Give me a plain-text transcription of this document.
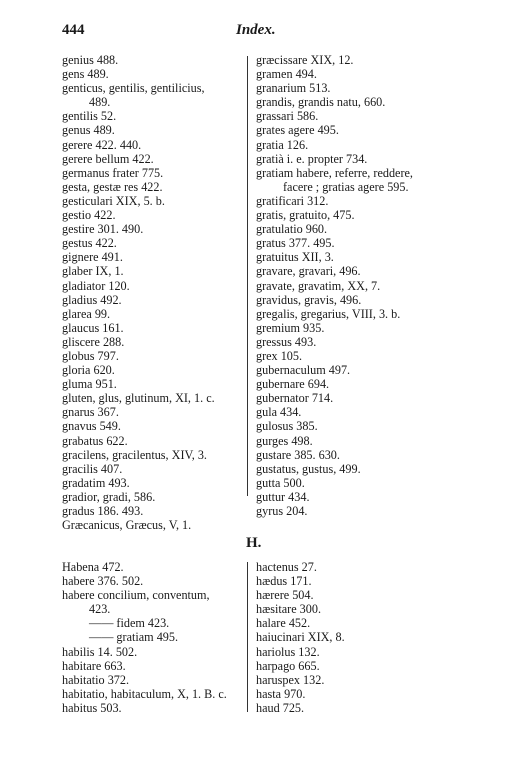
444	Index.
genius 488.
gens 489.
genticus, gentilis, gentilicius,
489.
gentilis 52.
genus 489.
gerere 422. 440.
gerere bellum 422.
germanus frater 775.
gesta, gestæ res 422.
gesticulari XIX, 5. b.
gestio 422.
gestire 301. 490.
gestus 422.
gignere 491.
glaber IX, 1.
gladiator 120.
gladius 492.
glarea 99.
glaucus 161.
gliscere 288.
globus 797.
gloria 620.
gluma 951.
gluten, glus, glutinum, XI, 1. c.
gnarus 367.
gnavus 549.
grabatus 622.
gracilens, gracilentus, XIV, 3.
gracilis 407.
gradatim 493.
gradior, gradi, 586.
gradus 186. 493.
Græcanicus, Græcus, V, 1.
græcissare XIX, 12.
gramen 494.
granarium 513.
grandis, grandis natu, 660.
grassari 586.
grates agere 495.
gratia 126.
gratià i. e. propter 734.
gratiam habere, referre, reddere,
facere ; gratias agere 595.
gratificari 312.
gratis, gratuito, 475.
gratulatio 960.
gratus 377. 495.
gratuitus XII, 3.
gravare, gravari, 496.
gravate, gravatim, XX, 7.
gravidus, gravis, 496.
gregalis, gregarius, VIII, 3. b.
gremium 935.
gressus 493.
grex 105.
gubernaculum 497.
gubernare 694.
gubernator 714.
gula 434.
gulosus 385.
gurges 498.
gustare 385. 630.
gustatus, gustus, 499.
gutta 500.
guttur 434.
gyrus 204.
H.
Habena 472.
habere 376. 502.
habere concilium, conventum,
423.
—— fidem 423.
—— gratiam 495.
habilis 14. 502.
habitare 663.
habitatio 372.
habitatio, habitaculum, X, 1. B. c.
habitus 503.
hactenus 27.
hædus 171.
hærere 504.
hæsitare 300.
halare 452.
haiucinari XIX, 8.
hariolus 132.
harpago 665.
haruspex 132.
hasta 970.
haud 725.
